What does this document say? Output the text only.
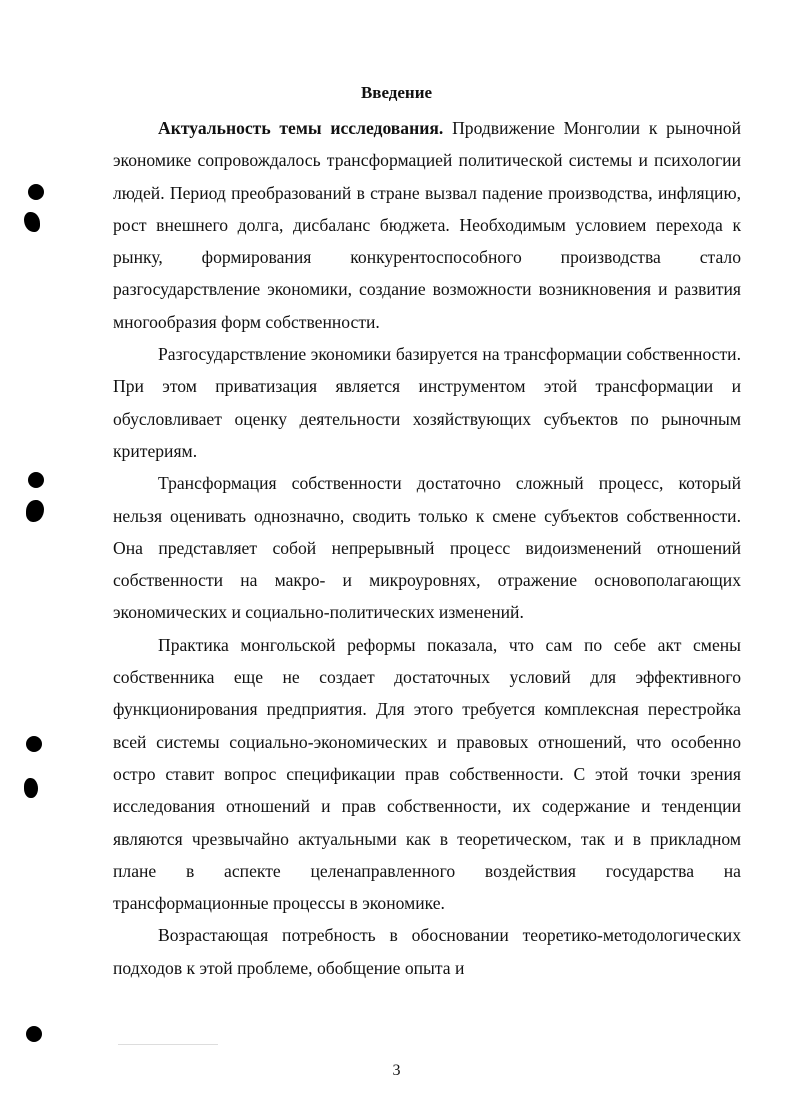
Введение

Актуальность темы исследования. Продвижение Монголии к рыночной экономике сопровождалось трансформацией политической системы и психологии людей. Период преобразований в стране вызвал падение производства, инфляцию, рост внешнего долга, дисбаланс бюджета. Необходимым условием перехода к рынку, формирования конкурентоспособного производства стало разгосударствление экономики, создание возможности возникновения и развития многообразия форм собственности.

Разгосударствление экономики базируется на трансформации собственности. При этом приватизация является инструментом этой трансформации и обусловливает оценку деятельности хозяйствующих субъектов по рыночным критериям.

Трансформация собственности достаточно сложный процесс, который нельзя оценивать однозначно, сводить только к смене субъектов собственности. Она представляет собой непрерывный процесс видоизменений отношений собственности на макро- и микроуровнях, отражение основополагающих экономических и социально-политических изменений.

Практика монгольской реформы показала, что сам по себе акт смены собственника еще не создает достаточных условий для эффективного функционирования предприятия. Для этого требуется комплексная перестройка всей системы социально-экономических и правовых отношений, что особенно остро ставит вопрос спецификации прав собственности. С этой точки зрения исследования отношений и прав собственности, их содержание и тенденции являются чрезвычайно актуальными как в теоретическом, так и в прикладном плане в аспекте целенаправленного воздействия государства на трансформационные процессы в экономике.

Возрастающая потребность в обосновании теоретико-методологических подходов к этой проблеме, обобщение опыта и

3
